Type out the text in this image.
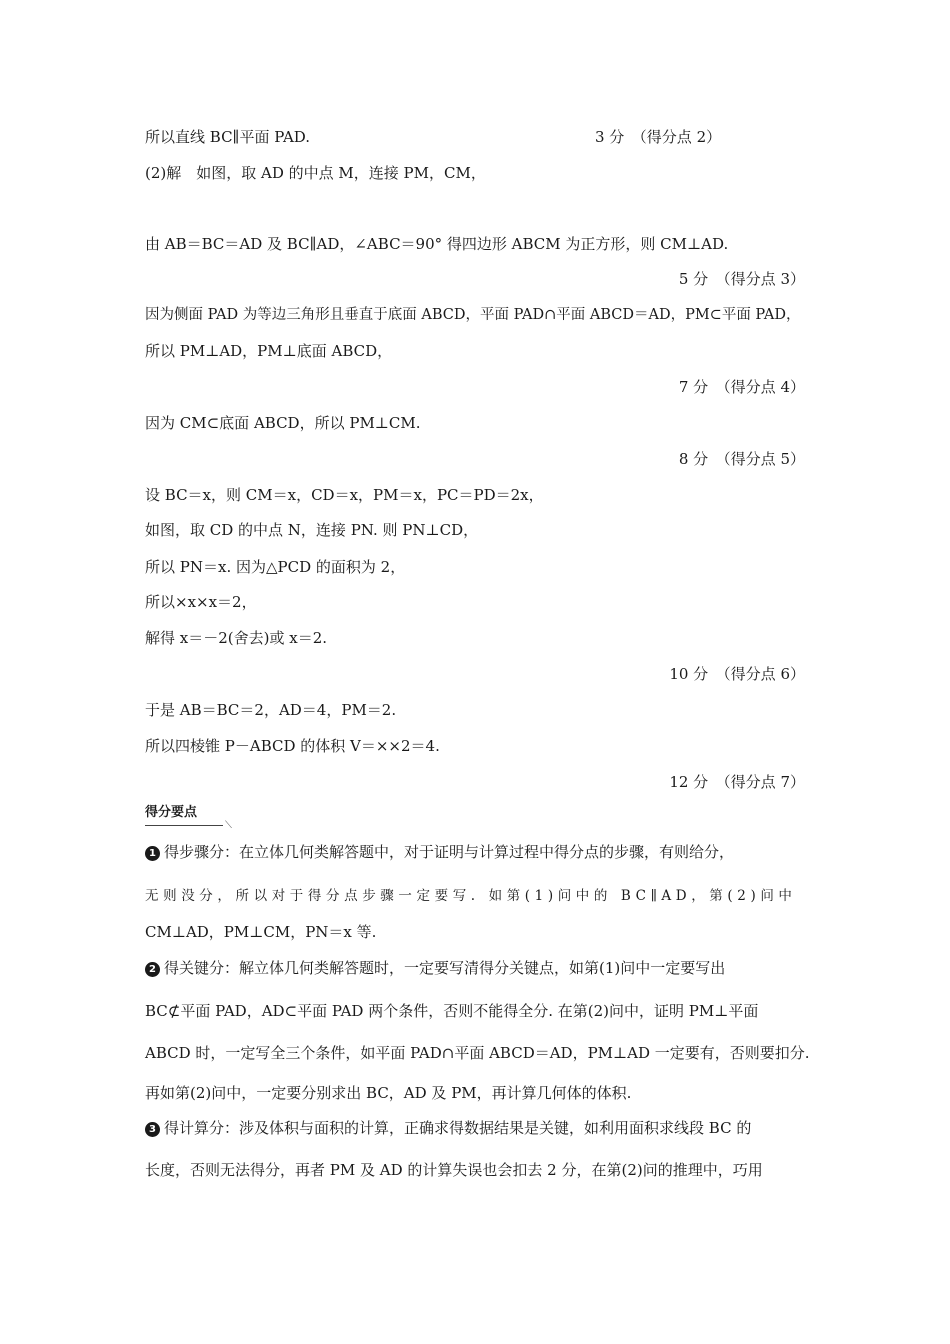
所以直线 BC∥平面 PAD.	3 分　（得分点 2）
(2)解　如图，取 AD 的中点 M，连接 PM，CM，
由 AB＝BC＝AD 及 BC∥AD，∠ABC＝90° 得四边形 ABCM 为正方形，则 CM⊥AD.
5 分　（得分点 3）
因为侧面 PAD 为等边三角形且垂直于底面 ABCD，平面 PAD∩平面 ABCD＝AD，PM⊂平面 PAD，
所以 PM⊥AD，PM⊥底面 ABCD，
7 分　（得分点 4）
因为 CM⊂底面 ABCD，所以 PM⊥CM.
8 分　（得分点 5）
设 BC＝x，则 CM＝x，CD＝x，PM＝x，PC＝PD＝2x，
如图，取 CD 的中点 N，连接 PN. 则 PN⊥CD，
所以 PN＝x. 因为△PCD 的面积为 2，
所以×x×x＝2，
解得 x＝－2(舍去)或 x＝2.
10 分　（得分点 6）
于是 AB＝BC＝2，AD＝4，PM＝2.
所以四棱锥 P－ABCD 的体积 V＝××2＝4.
12 分　（得分点 7）
得分要点
⟍
1 得步骤分：在立体几何类解答题中，对于证明与计算过程中得分点的步骤，有则给分，
无则没分，所以对于得分点步骤一定要写. 如第(1)问中的 BC∥AD，第(2)问中
CM⊥AD，PM⊥CM，PN＝x 等.
2 得关键分：解立体几何类解答题时，一定要写清得分关键点，如第(1)问中一定要写出
BC⊄平面 PAD，AD⊂平面 PAD 两个条件，否则不能得全分. 在第(2)问中，证明 PM⊥平面
ABCD 时，一定写全三个条件，如平面 PAD∩平面 ABCD＝AD，PM⊥AD 一定要有，否则要扣分.
再如第(2)问中，一定要分别求出 BC，AD 及 PM，再计算几何体的体积.
3 得计算分：涉及体积与面积的计算，正确求得数据结果是关键，如利用面积求线段 BC 的
长度，否则无法得分，再者 PM 及 AD 的计算失误也会扣去 2 分，在第(2)问的推理中，巧用
